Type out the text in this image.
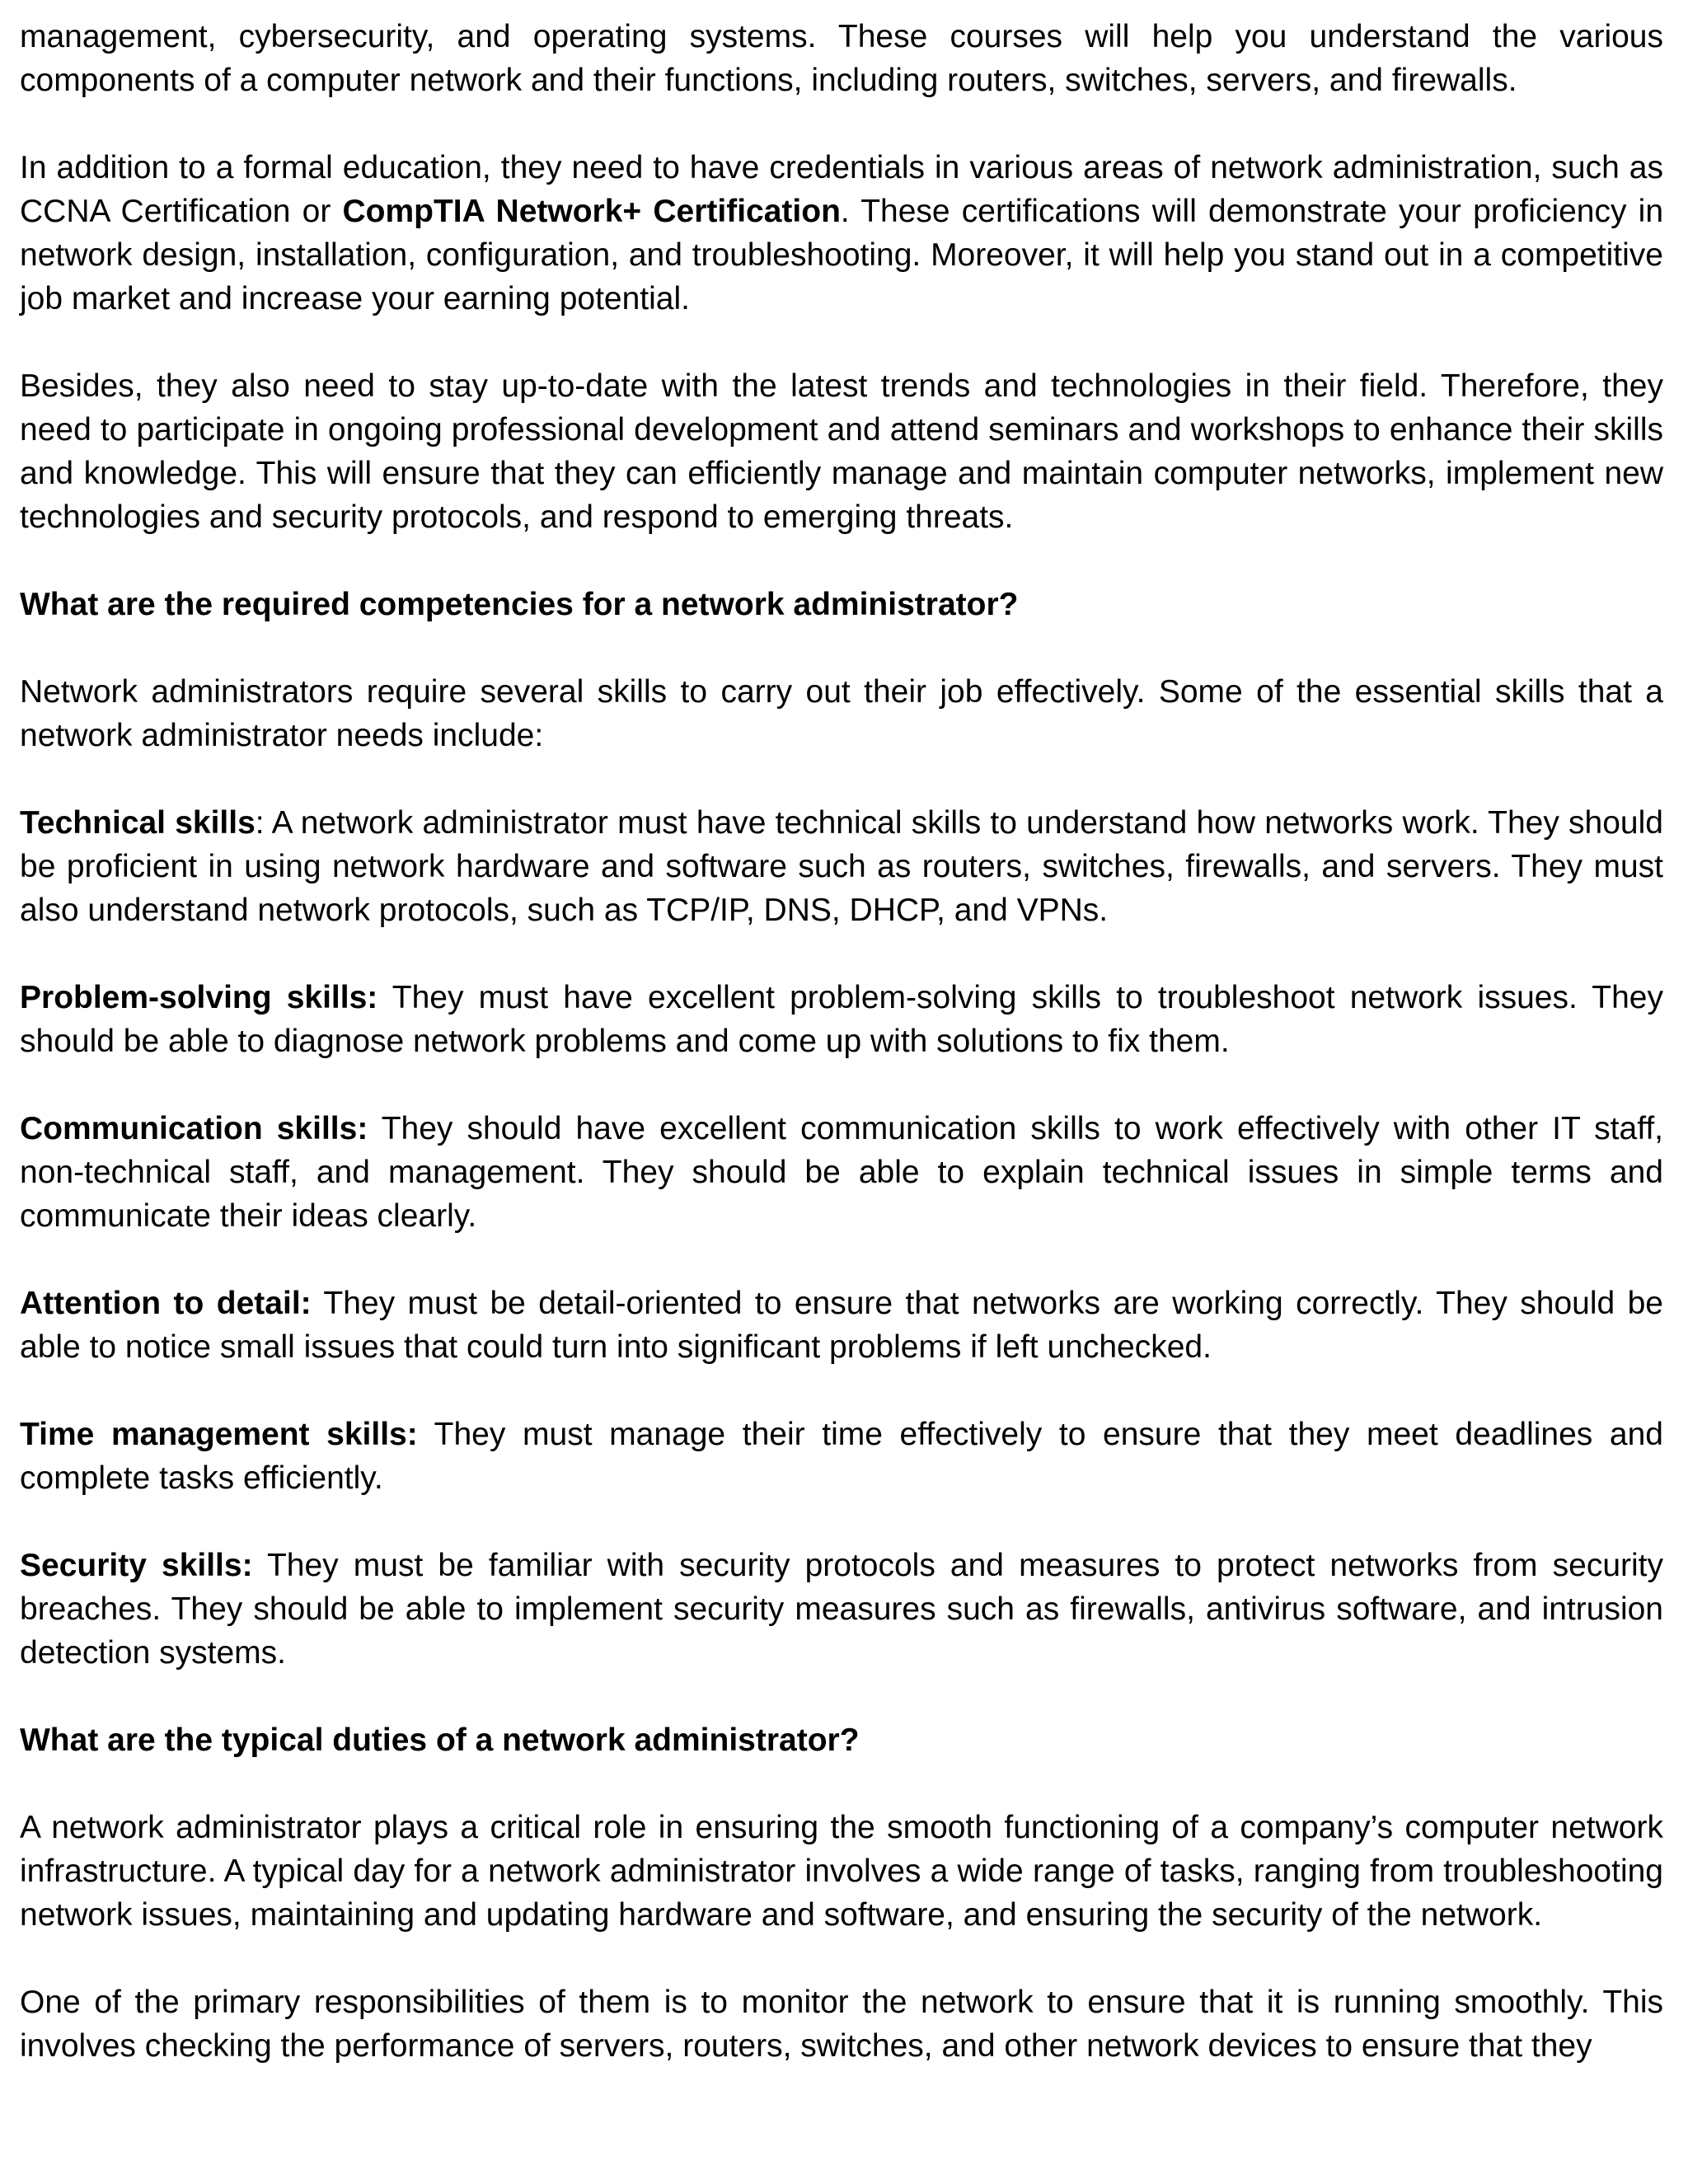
management, cybersecurity, and operating systems. These courses will help you understand the various components of a computer network and their functions, including routers, switches, servers, and firewalls.

In addition to a formal education, they need to have credentials in various areas of network administration, such as CCNA Certification or CompTIA Network+ Certification. These certifications will demonstrate your proficiency in network design, installation, configuration, and troubleshooting. Moreover, it will help you stand out in a competitive job market and increase your earning potential.

Besides, they also need to stay up-to-date with the latest trends and technologies in their field. Therefore, they need to participate in ongoing professional development and attend seminars and workshops to enhance their skills and knowledge. This will ensure that they can efficiently manage and maintain computer networks, implement new technologies and security protocols, and respond to emerging threats.

What are the required competencies for a network administrator?

Network administrators require several skills to carry out their job effectively. Some of the essential skills that a network administrator needs include:

Technical skills: A network administrator must have technical skills to understand how networks work. They should be proficient in using network hardware and software such as routers, switches, firewalls, and servers. They must also understand network protocols, such as TCP/IP, DNS, DHCP, and VPNs.

Problem-solving skills: They must have excellent problem-solving skills to troubleshoot network issues. They should be able to diagnose network problems and come up with solutions to fix them.

Communication skills: They should have excellent communication skills to work effectively with other IT staff, non-technical staff, and management. They should be able to explain technical issues in simple terms and communicate their ideas clearly.

Attention to detail: They must be detail-oriented to ensure that networks are working correctly. They should be able to notice small issues that could turn into significant problems if left unchecked.

Time management skills: They must manage their time effectively to ensure that they meet deadlines and complete tasks efficiently.

Security skills: They must be familiar with security protocols and measures to protect networks from security breaches. They should be able to implement security measures such as firewalls, antivirus software, and intrusion detection systems.

What are the typical duties of a network administrator?

A network administrator plays a critical role in ensuring the smooth functioning of a company’s computer network infrastructure. A typical day for a network administrator involves a wide range of tasks, ranging from troubleshooting network issues, maintaining and updating hardware and software, and ensuring the security of the network.

One of the primary responsibilities of them is to monitor the network to ensure that it is running smoothly. This involves checking the performance of servers, routers, switches, and other network devices to ensure that they
